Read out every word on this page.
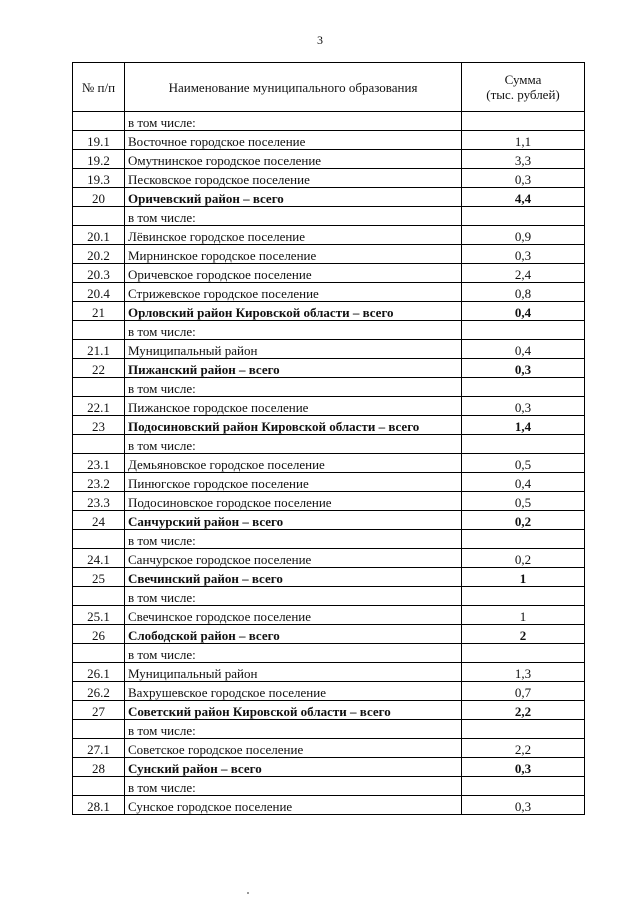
3
№ п/п	Наименование муниципального образования	Сумма
(тыс. рублей)
	в том числе:	
19.1	Восточное городское поселение	1,1
19.2	Омутнинское городское поселение	3,3
19.3	Песковское городское поселение	0,3
20	Оричевский район – всего	4,4
	в том числе:	
20.1	Лёвинское городское поселение	0,9
20.2	Мирнинское городское поселение	0,3
20.3	Оричевское городское поселение	2,4
20.4	Стрижевское городское поселение	0,8
21	Орловский район Кировской области – всего	0,4
	в том числе:	
21.1	Муниципальный район	0,4
22	Пижанский район – всего	0,3
	в том числе:	
22.1	Пижанское городское поселение	0,3
23	Подосиновский район Кировской области – всего	1,4
	в том числе:	
23.1	Демьяновское городское поселение	0,5
23.2	Пинюгское городское поселение	0,4
23.3	Подосиновское городское поселение	0,5
24	Санчурский район – всего	0,2
	в том числе:	
24.1	Санчурское городское поселение	0,2
25	Свечинский район – всего	1
	в том числе:	
25.1	Свечинское городское поселение	1
26	Слободской район – всего	2
	в том числе:	
26.1	Муниципальный район	1,3
26.2	Вахрушевское городское поселение	0,7
27	Советский район Кировской области – всего	2,2
	в том числе:	
27.1	Советское городское поселение	2,2
28	Сунский район – всего	0,3
	в том числе:	
28.1	Сунское городское поселение	0,3
